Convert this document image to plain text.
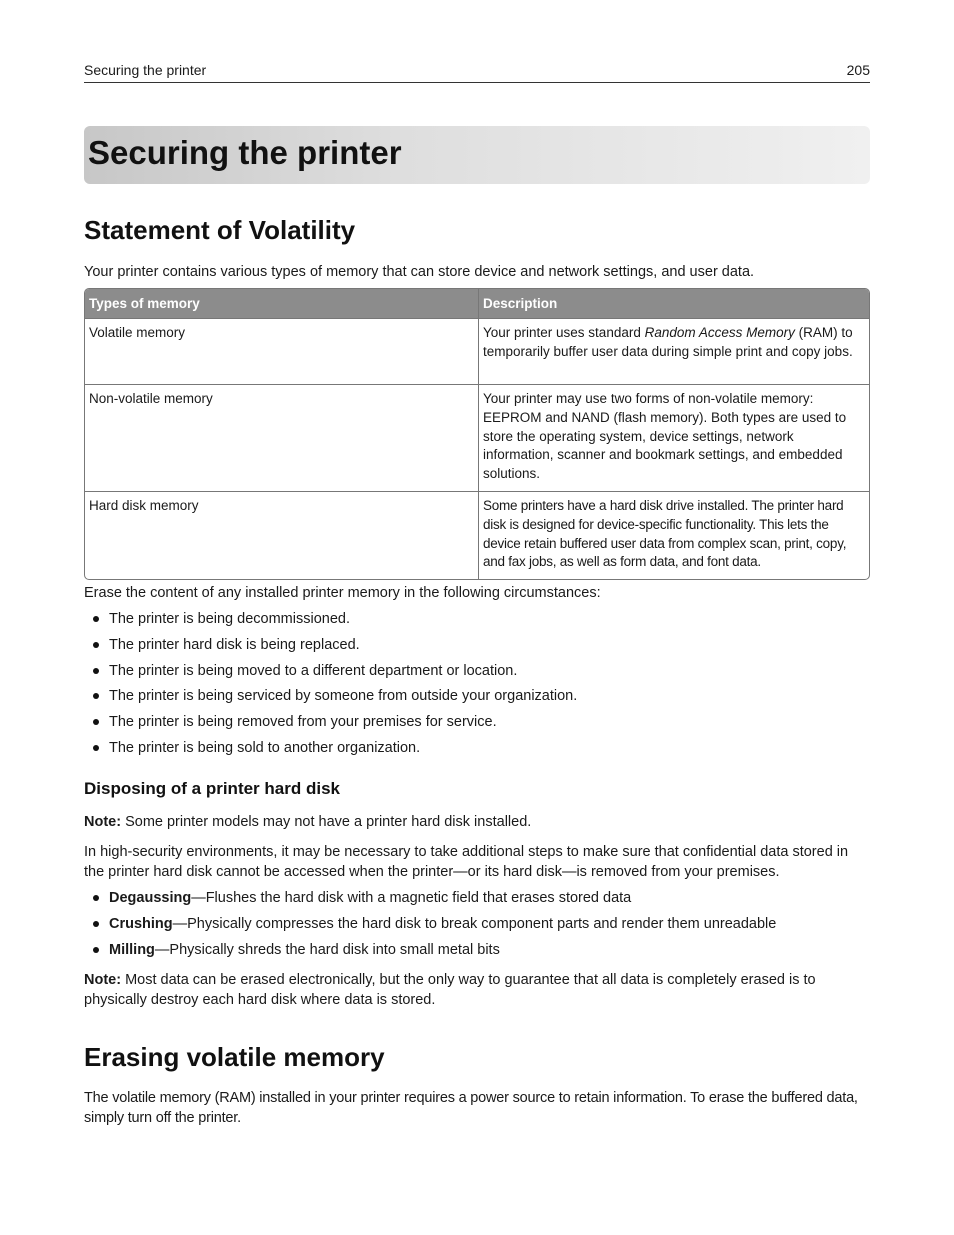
Securing the printer	205
Securing the printer
Statement of Volatility

Your printer contains various types of memory that can store device and network settings, and user data.

Types of memory	Description
Volatile memory	Your printer uses standard Random Access Memory (RAM) to temporarily buffer user data during simple print and copy jobs.
Non-volatile memory	Your printer may use two forms of non-volatile memory: EEPROM and NAND (flash memory). Both types are used to store the operating system, device settings, network information, scanner and bookmark settings, and embedded solutions.
Hard disk memory	Some printers have a hard disk drive installed. The printer hard disk is designed for device-specific functionality. This lets the device retain buffered user data from complex scan, print, copy, and fax jobs, as well as form data, and font data.

Erase the content of any installed printer memory in the following circumstances:

The printer is being decommissioned.
The printer hard disk is being replaced.
The printer is being moved to a different department or location.
The printer is being serviced by someone from outside your organization.
The printer is being removed from your premises for service.
The printer is being sold to another organization.
Disposing of a printer hard disk

Note: Some printer models may not have a printer hard disk installed.

In high-security environments, it may be necessary to take additional steps to make sure that confidential data stored in the printer hard disk cannot be accessed when the printer—or its hard disk—is removed from your premises.

Degaussing—Flushes the hard disk with a magnetic field that erases stored data
Crushing—Physically compresses the hard disk to break component parts and render them unreadable
Milling—Physically shreds the hard disk into small metal bits

Note: Most data can be erased electronically, but the only way to guarantee that all data is completely erased is to physically destroy each hard disk where data is stored.

Erasing volatile memory

The volatile memory (RAM) installed in your printer requires a power source to retain information. To erase the buffered data, simply turn off the printer.
